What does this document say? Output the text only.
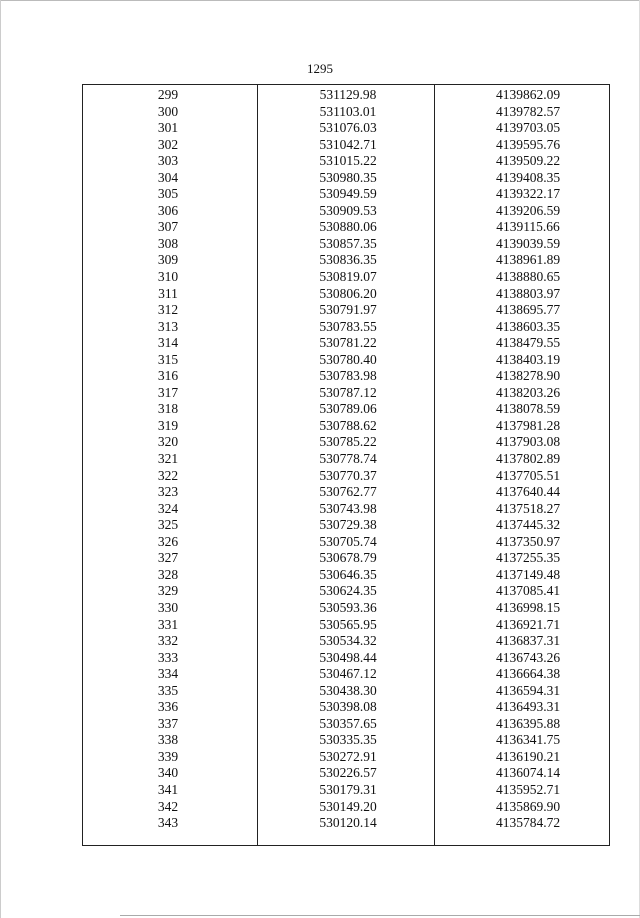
1295
299	531129.98	4139862.09
300	531103.01	4139782.57
301	531076.03	4139703.05
302	531042.71	4139595.76
303	531015.22	4139509.22
304	530980.35	4139408.35
305	530949.59	4139322.17
306	530909.53	4139206.59
307	530880.06	4139115.66
308	530857.35	4139039.59
309	530836.35	4138961.89
310	530819.07	4138880.65
311	530806.20	4138803.97
312	530791.97	4138695.77
313	530783.55	4138603.35
314	530781.22	4138479.55
315	530780.40	4138403.19
316	530783.98	4138278.90
317	530787.12	4138203.26
318	530789.06	4138078.59
319	530788.62	4137981.28
320	530785.22	4137903.08
321	530778.74	4137802.89
322	530770.37	4137705.51
323	530762.77	4137640.44
324	530743.98	4137518.27
325	530729.38	4137445.32
326	530705.74	4137350.97
327	530678.79	4137255.35
328	530646.35	4137149.48
329	530624.35	4137085.41
330	530593.36	4136998.15
331	530565.95	4136921.71
332	530534.32	4136837.31
333	530498.44	4136743.26
334	530467.12	4136664.38
335	530438.30	4136594.31
336	530398.08	4136493.31
337	530357.65	4136395.88
338	530335.35	4136341.75
339	530272.91	4136190.21
340	530226.57	4136074.14
341	530179.31	4135952.71
342	530149.20	4135869.90
343	530120.14	4135784.72
